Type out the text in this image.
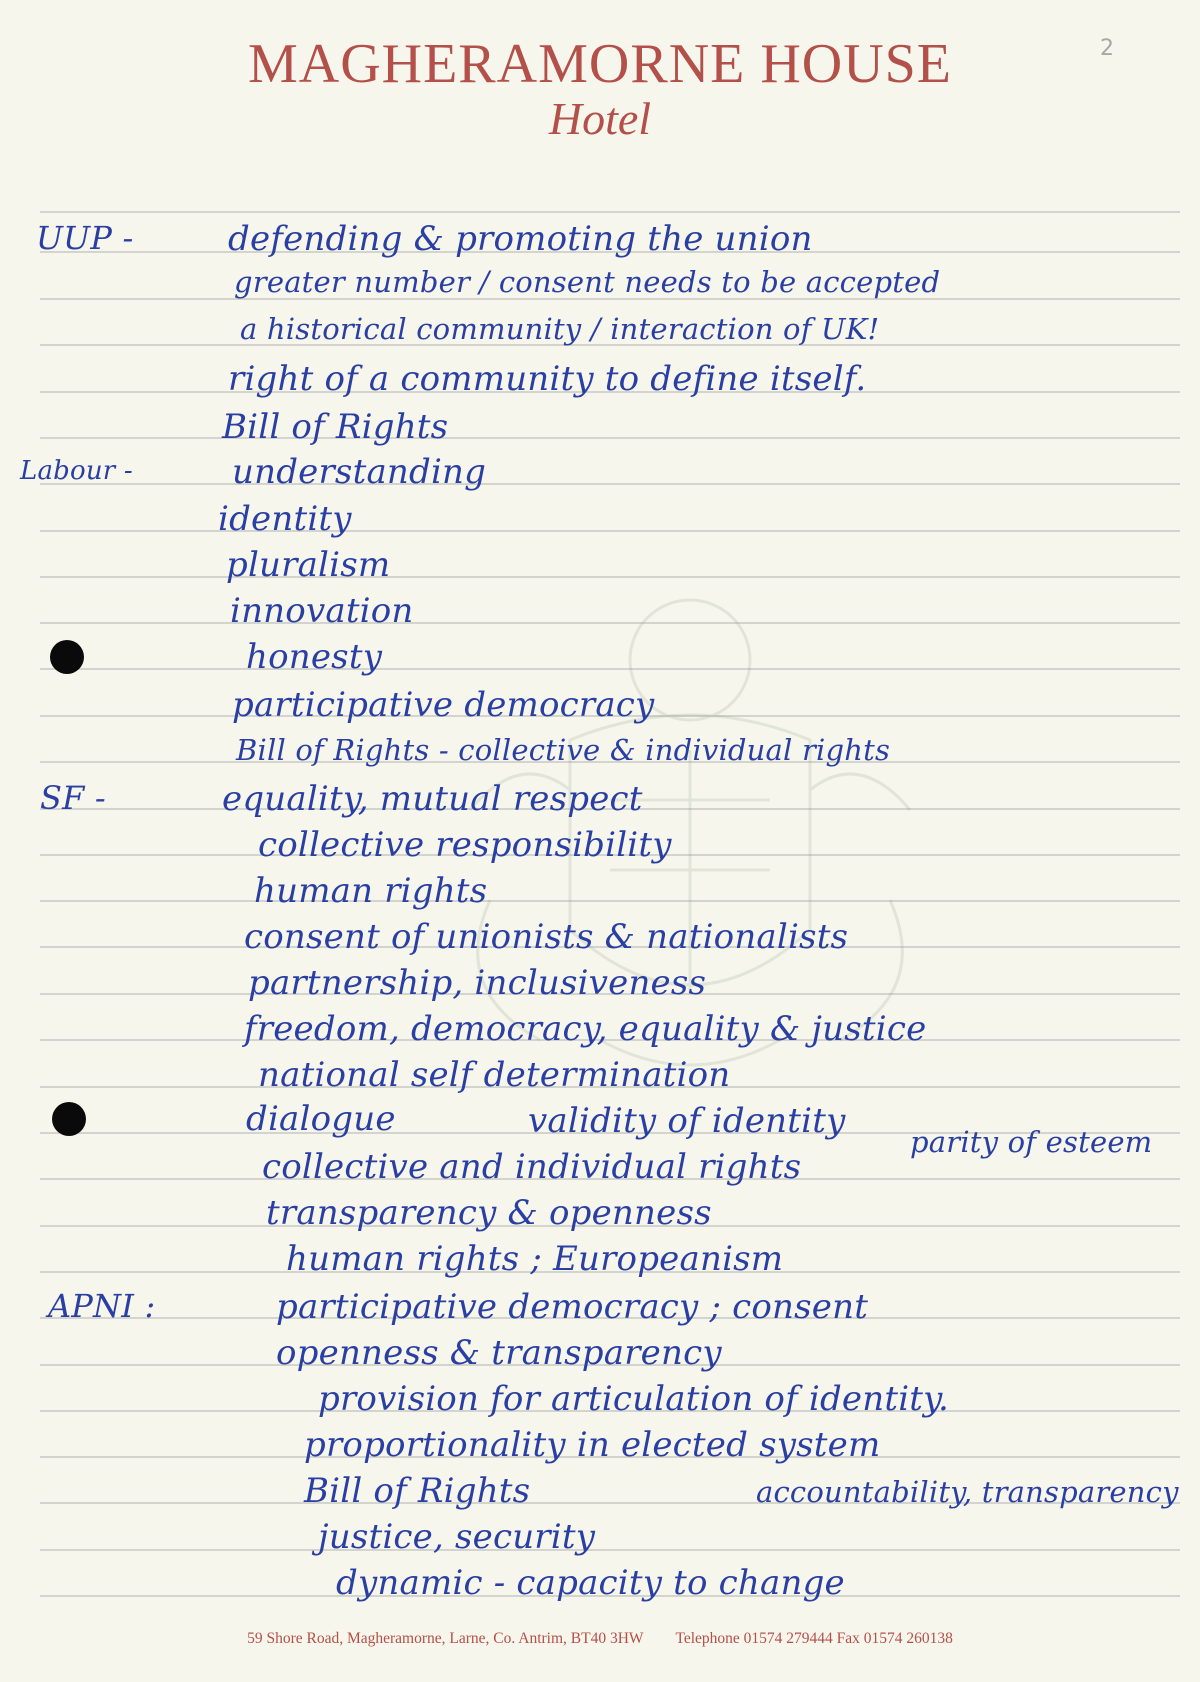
MAGHERAMORNE HOUSE
Hotel
2
UUP -	defending & promoting the union
greater number / consent needs to be accepted
a historical community / interaction of UK!
right of a community to define itself.
Bill of Rights
Labour -	understanding
identity
pluralism
innovation
honesty
participative democracy
Bill of Rights - collective & individual rights
SF -	equality, mutual respect
collective responsibility
human rights
consent of unionists & nationalists
partnership, inclusiveness
freedom, democracy, equality & justice
national self determination
dialogue	validity of identity
parity of esteem
collective and individual rights
transparency & openness
human rights ; Europeanism
APNI :	participative democracy ; consent
openness & transparency
provision for articulation of identity.
proportionality in elected system
Bill of Rights	accountability, transparency
justice, security
dynamic - capacity to change
59 Shore Road, Magheramorne, Larne, Co. Antrim, BT40 3HW Telephone 01574 279444 Fax 01574 260138
